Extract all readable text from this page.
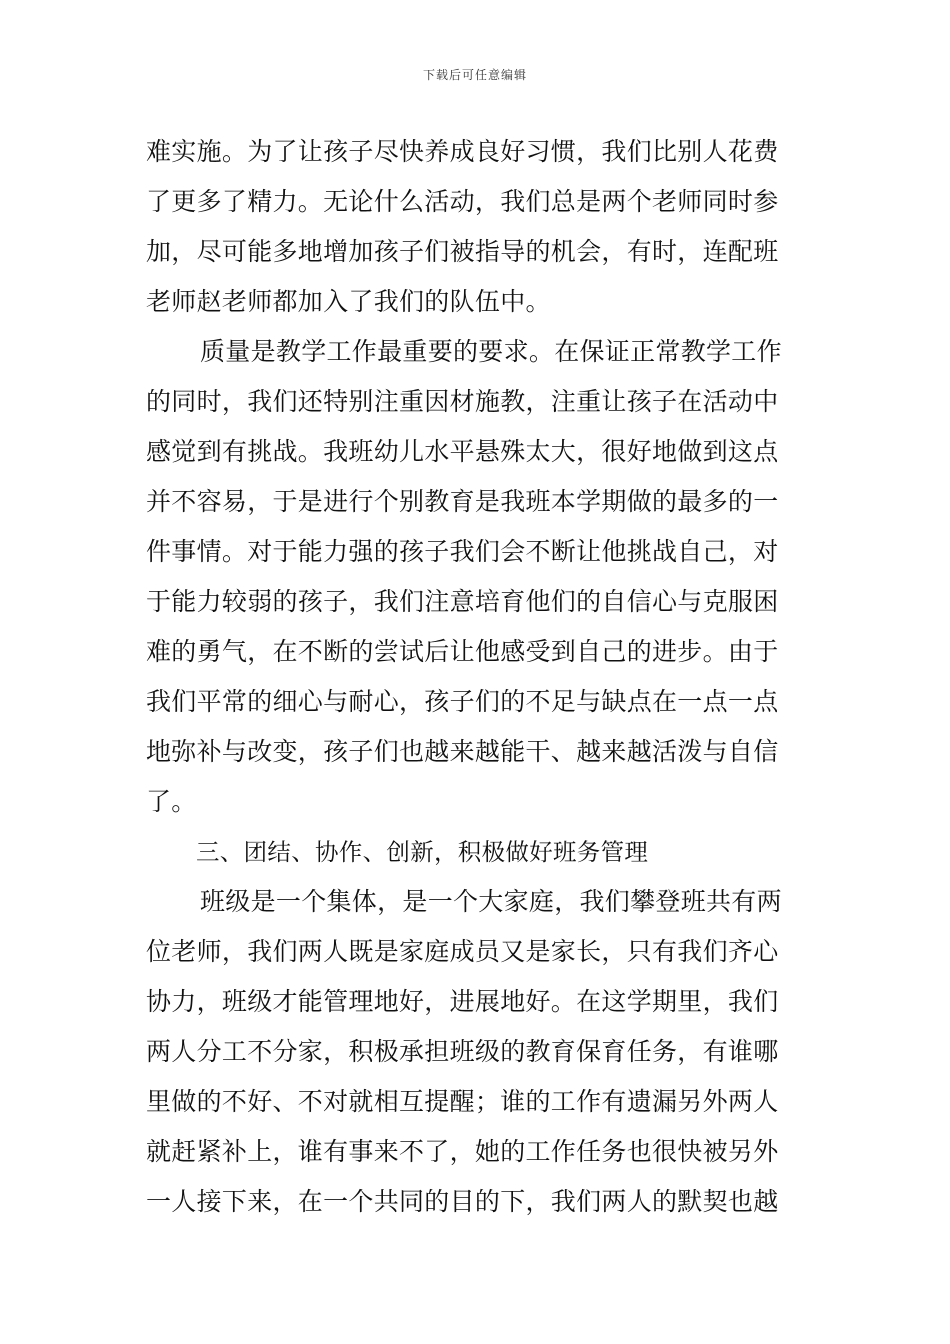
下载后可任意编辑
难实施。为了让孩子尽快养成良好习惯，我们比别人花费
了更多了精力。无论什么活动，我们总是两个老师同时参
加，尽可能多地增加孩子们被指导的机会，有时，连配班
老师赵老师都加入了我们的队伍中。
质量是教学工作最重要的要求。在保证正常教学工作
的同时，我们还特别注重因材施教，注重让孩子在活动中
感觉到有挑战。我班幼儿水平悬殊太大，很好地做到这点
并不容易，于是进行个别教育是我班本学期做的最多的一
件事情。对于能力强的孩子我们会不断让他挑战自己，对
于能力较弱的孩子，我们注意培育他们的自信心与克服困
难的勇气，在不断的尝试后让他感受到自己的进步。由于
我们平常的细心与耐心，孩子们的不足与缺点在一点一点
地弥补与改变，孩子们也越来越能干、越来越活泼与自信
了。
三、团结、协作、创新，积极做好班务管理
班级是一个集体，是一个大家庭，我们攀登班共有两
位老师，我们两人既是家庭成员又是家长，只有我们齐心
协力，班级才能管理地好，进展地好。在这学期里，我们
两人分工不分家，积极承担班级的教育保育任务，有谁哪
里做的不好、不对就相互提醒；谁的工作有遗漏另外两人
就赶紧补上，谁有事来不了，她的工作任务也很快被另外
一人接下来，在一个共同的目的下，我们两人的默契也越
